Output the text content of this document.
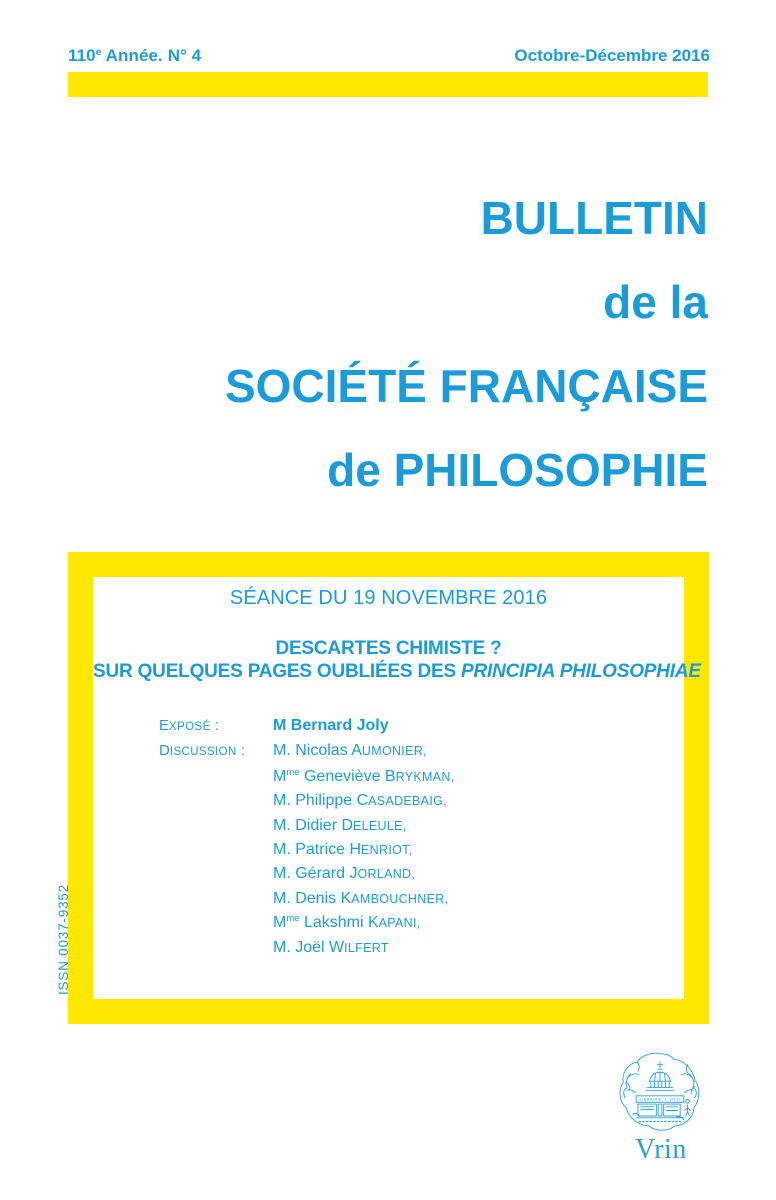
110e Année. N° 4	Octobre-Décembre 2016
BULLETIN
de la
SOCIÉTÉ FRANÇAISE
de PHILOSOPHIE
SÉANCE DU 19 NOVEMBRE 2016
DESCARTES CHIMISTE ?
SUR QUELQUES PAGES OUBLIÉES DES PRINCIPIA PHILOSOPHIAE
EXPOSÉ :	M Bernard Joly
DISCUSSION :	M. Nicolas AUMONIER,
$M^{me}$ Geneviève BRYKMAN,
M. Philippe CASADEBAIG,
M. Didier DELEULE,
M. Patrice HENRIOT,
M. Gérard JORLAND,
M. Denis KAMBOUCHNER,
$M^{me}$ Lakshmi KAPANI,
M. Joël WILFERT
ISSN 0037-9352
LIBRAIRIE J. VRIN
Vrin
